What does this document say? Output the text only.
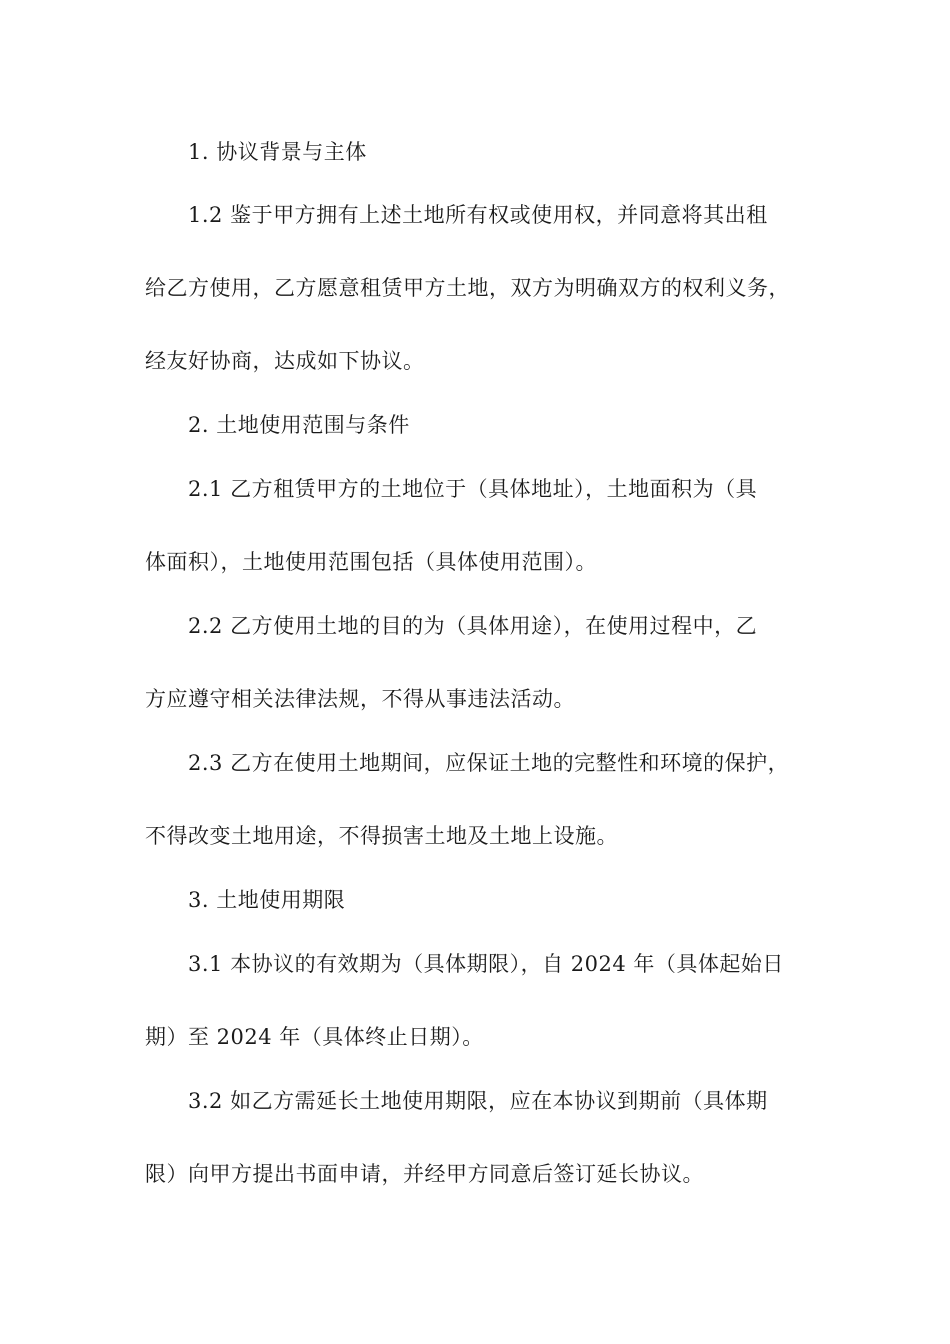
1. 协议背景与主体
1.2 鉴于甲方拥有上述土地所有权或使用权，并同意将其出租
给乙方使用，乙方愿意租赁甲方土地，双方为明确双方的权利义务，
经友好协商，达成如下协议。
2. 土地使用范围与条件
2.1 乙方租赁甲方的土地位于（具体地址），土地面积为（具
体面积），土地使用范围包括（具体使用范围）。
2.2 乙方使用土地的目的为（具体用途），在使用过程中，乙
方应遵守相关法律法规，不得从事违法活动。
2.3 乙方在使用土地期间，应保证土地的完整性和环境的保护，
不得改变土地用途，不得损害土地及土地上设施。
3. 土地使用期限
3.1 本协议的有效期为（具体期限），自 2024 年（具体起始日
期）至 2024 年（具体终止日期）。
3.2 如乙方需延长土地使用期限，应在本协议到期前（具体期
限）向甲方提出书面申请，并经甲方同意后签订延长协议。
